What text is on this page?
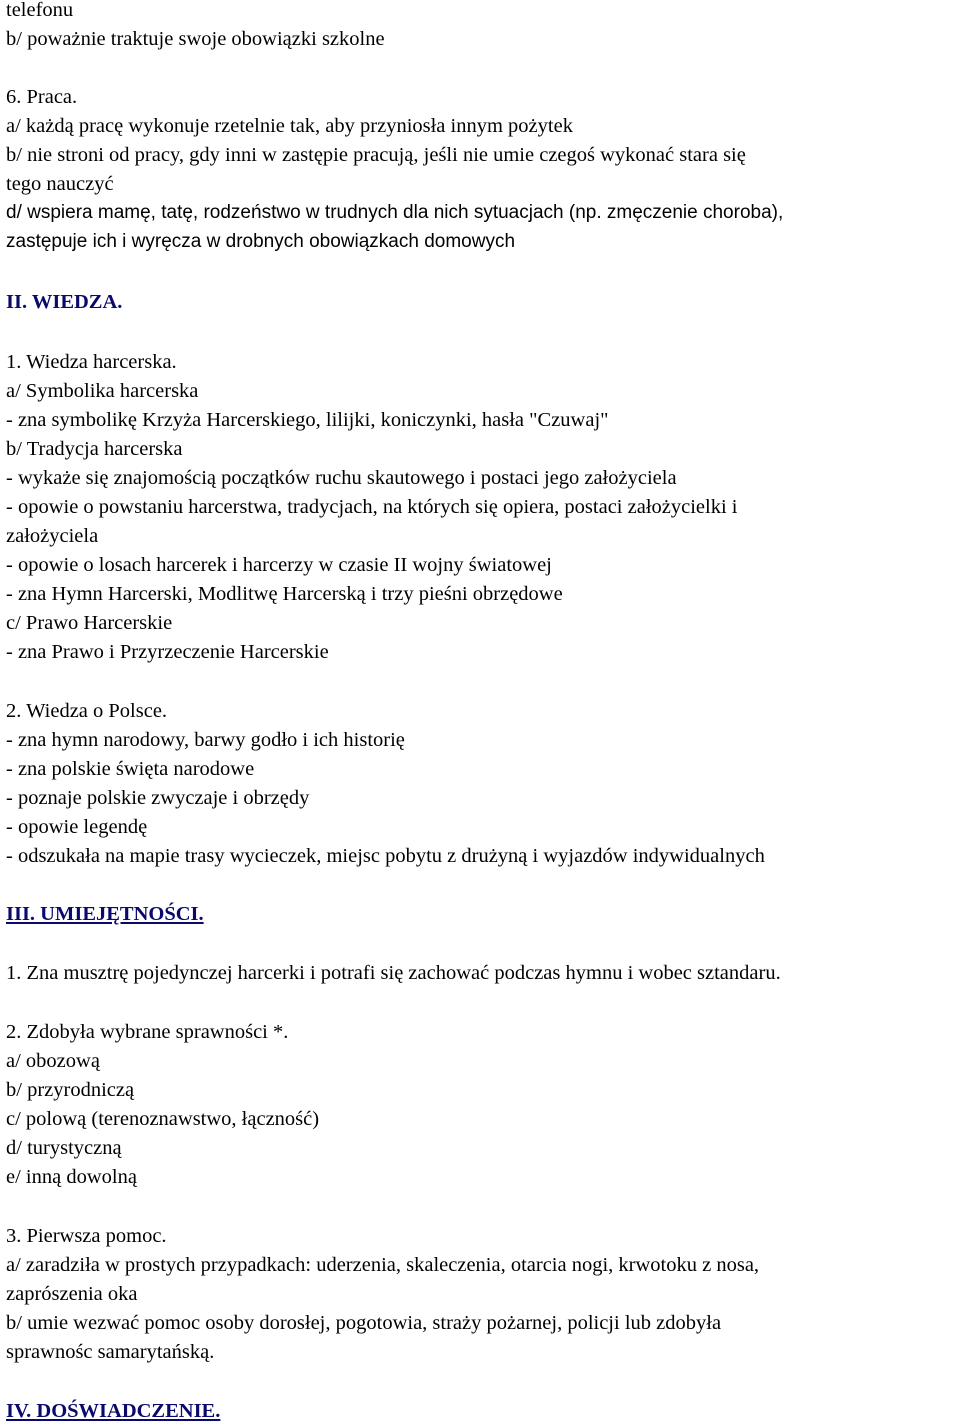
telefonu

b/ poważnie traktuje swoje obowiązki szkolne

6. Praca.

a/ każdą pracę wykonuje rzetelnie tak, aby przyniosła innym pożytek

b/ nie stroni od pracy, gdy inni w zastępie pracują, jeśli nie umie czegoś wykonać stara się

tego nauczyć

d/ wspiera mamę, tatę, rodzeństwo w trudnych dla nich sytuacjach (np. zmęczenie choroba),

zastępuje ich i wyręcza w drobnych obowiązkach domowych

II. WIEDZA.

1. Wiedza harcerska.

a/ Symbolika harcerska

- zna symbolikę Krzyża Harcerskiego, lilijki, koniczynki, hasła "Czuwaj"

b/ Tradycja harcerska

- wykaże się znajomością początków ruchu skautowego i postaci jego założyciela

- opowie o powstaniu harcerstwa, tradycjach, na których się opiera, postaci założycielki i

założyciela

- opowie o losach harcerek i harcerzy w czasie II wojny światowej

- zna Hymn Harcerski, Modlitwę Harcerską i trzy pieśni obrzędowe

c/ Prawo Harcerskie

- zna Prawo i Przyrzeczenie Harcerskie

2. Wiedza o Polsce.

- zna hymn narodowy, barwy godło i ich historię

- zna polskie święta narodowe

- poznaje polskie zwyczaje i obrzędy

- opowie legendę

- odszukała na mapie trasy wycieczek, miejsc pobytu z drużyną i wyjazdów indywidualnych

III. UMIEJĘTNOŚCI.

1. Zna musztrę pojedynczej harcerki i potrafi się zachować podczas hymnu i wobec sztandaru.

2. Zdobyła wybrane sprawności *.

a/ obozową

b/ przyrodniczą

c/ polową (terenoznawstwo, łączność)

d/ turystyczną

e/ inną dowolną

3. Pierwsza pomoc.

a/ zaradziła w prostych przypadkach: uderzenia, skaleczenia, otarcia nogi, krwotoku z nosa,

zaprószenia oka

b/ umie wezwać pomoc osoby dorosłej, pogotowia, straży pożarnej, policji lub zdobyła

sprawnośc samarytańską.

IV. DOŚWIADCZENIE.
